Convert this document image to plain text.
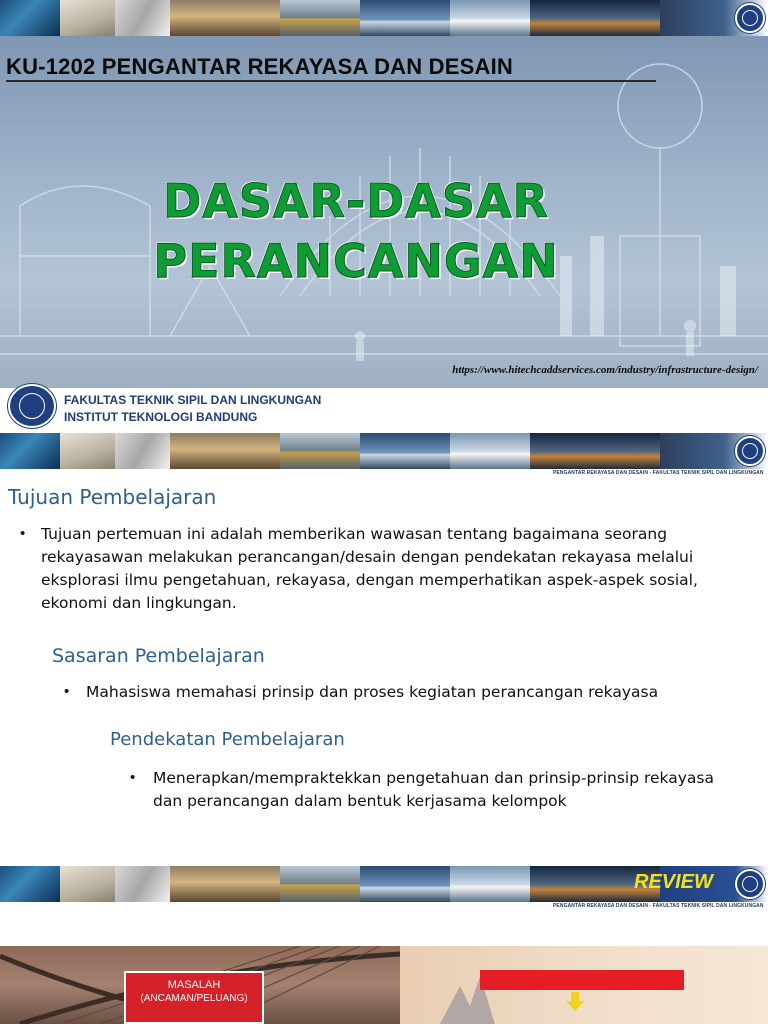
KU-1202 PENGANTAR REKAYASA DAN DESAIN
DASAR-DASAR
PERANCANGAN
https://www.hitechcaddservices.com/industry/infrastructure-design/
FAKULTAS TEKNIK SIPIL DAN LINGKUNGAN
INSTITUT TEKNOLOGI BANDUNG
PENGANTAR REKAYASA DAN DESAIN - FAKULTAS TEKNIK SIPIL DAN LINGKUNGAN
Tujuan Pembelajaran
• Tujuan pertemuan ini adalah memberikan wawasan tentang bagaimana seorang
rekayasawan melakukan perancangan/desain dengan pendekatan rekayasa melalui
eksplorasi ilmu pengetahuan, rekayasa, dengan memperhatikan aspek-aspek sosial,
ekonomi dan lingkungan.
Sasaran Pembelajaran
• Mahasiswa memahasi prinsip dan proses kegiatan perancangan rekayasa
Pendekatan Pembelajaran
• Menerapkan/mempraktekkan pengetahuan dan prinsip-prinsip rekayasa
dan perancangan dalam bentuk kerjasama kelompok
PENGANTAR REKAYASA DAN DESAIN - FAKULTAS TEKNIK SIPIL DAN LINGKUNGAN
REVIEW
MASALAH
(ANCAMAN/PELUANG)
